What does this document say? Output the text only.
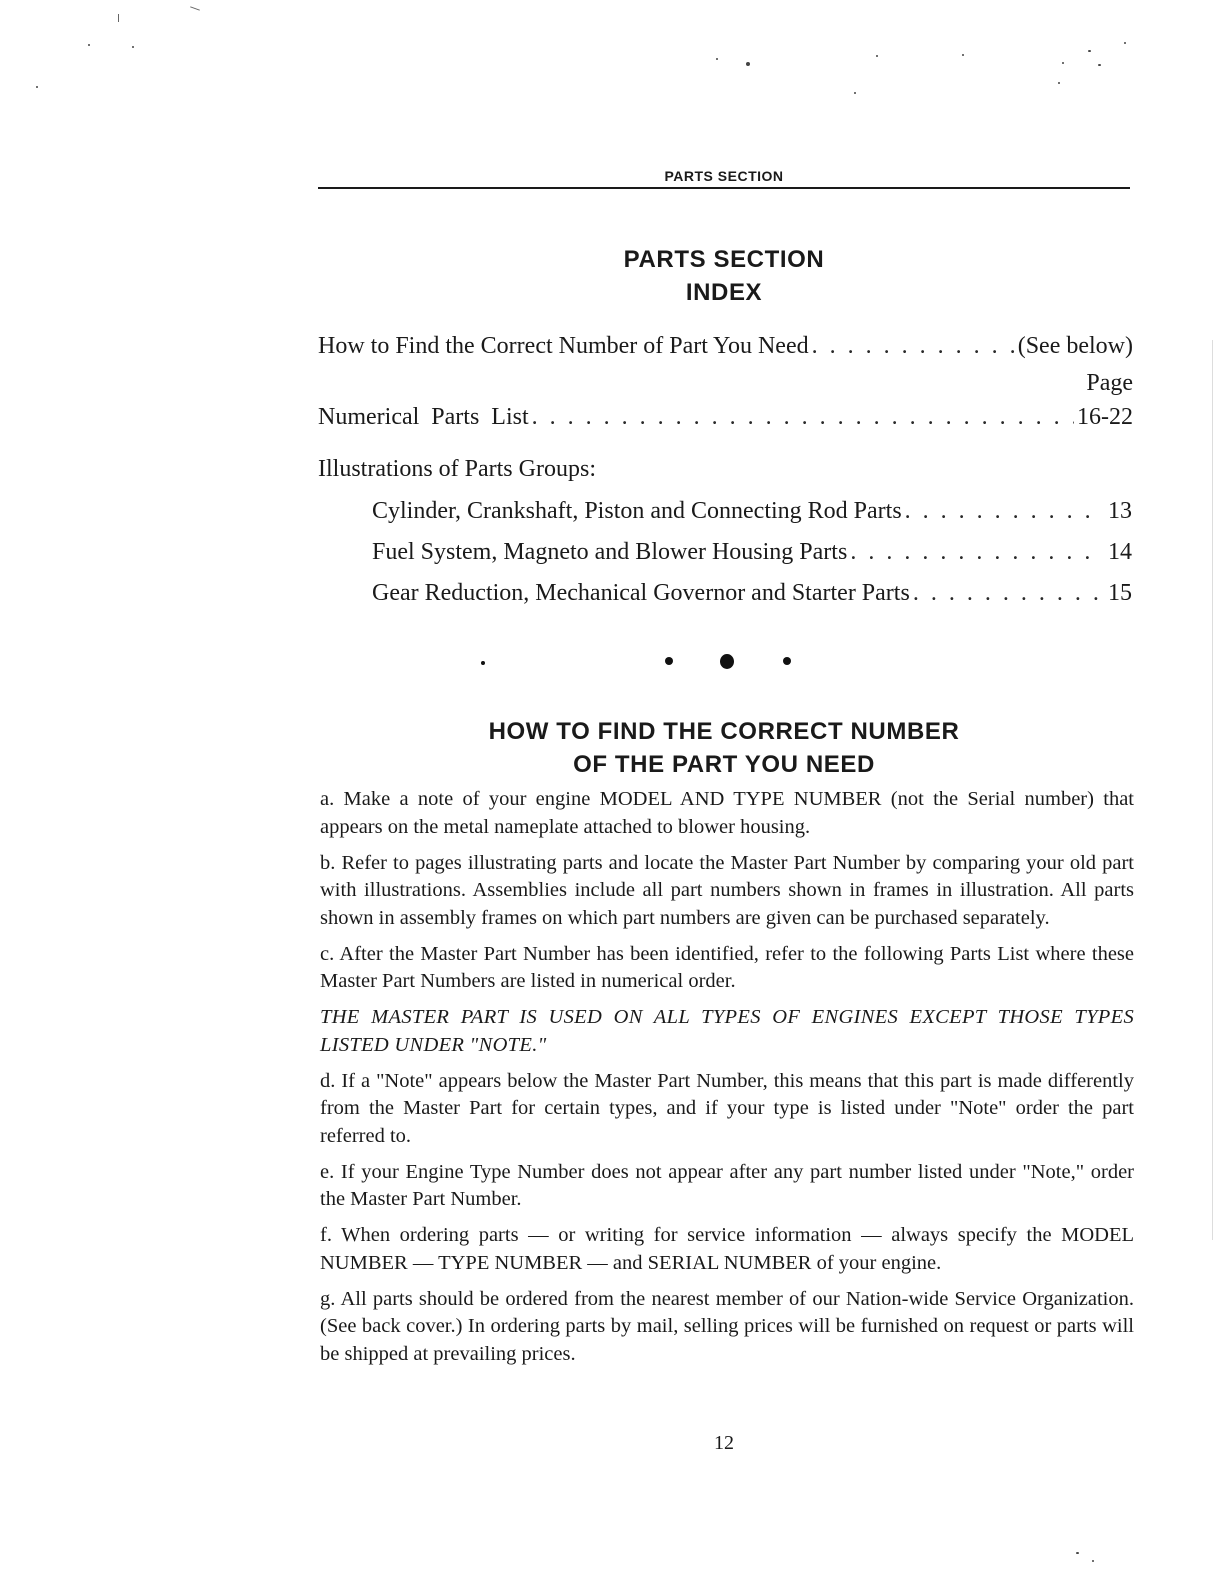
PARTS SECTION
PARTS SECTION
INDEX
How to Find the Correct Number of Part You Need . . .	(See below)
Page
Numerical  Parts  List . . .	16-22
Illustrations of Parts Groups:
Cylinder, Crankshaft, Piston and Connecting Rod Parts . . .	13
Fuel System, Magneto and Blower Housing Parts . . .	14
Gear Reduction, Mechanical Governor and Starter Parts . . .	15
HOW TO FIND THE CORRECT NUMBER
OF THE PART YOU NEED

a. Make a note of your engine MODEL AND TYPE NUMBER (not the Serial number) that appears on the metal nameplate attached to blower housing.

b. Refer to pages illustrating parts and locate the Master Part Number by comparing your old part with illustrations. Assemblies include all part numbers shown in frames in illustration. All parts shown in assembly frames on which part numbers are given can be purchased separately.

c. After the Master Part Number has been identified, refer to the following Parts List where these Master Part Numbers are listed in numerical order.

THE MASTER PART IS USED ON ALL TYPES OF ENGINES EXCEPT THOSE TYPES LISTED UNDER "NOTE."

d. If a "Note" appears below the Master Part Number, this means that this part is made differently from the Master Part for certain types, and if your type is listed under "Note" order the part referred to.

e. If your Engine Type Number does not appear after any part number listed under "Note," order the Master Part Number.

f. When ordering parts — or writing for service information — always specify the MODEL NUMBER — TYPE NUMBER — and SERIAL NUMBER of your engine.

g. All parts should be ordered from the nearest member of our Nation-wide Service Organization. (See back cover.) In ordering parts by mail, selling prices will be furnished on request or parts will be shipped at prevailing prices.

12
